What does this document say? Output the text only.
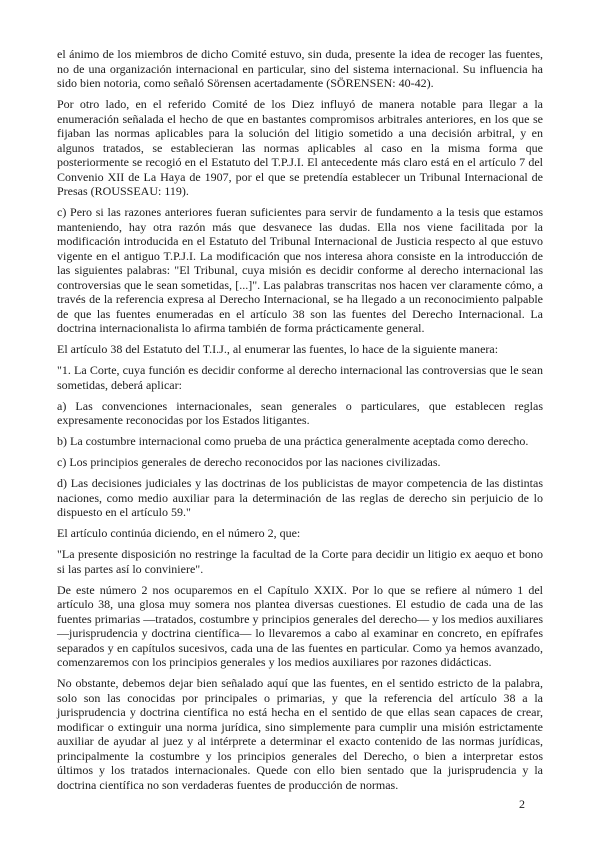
el ánimo de los miembros de dicho Comité estuvo, sin duda, presente la idea de recoger las fuentes, no de una organización internacional en particular, sino del sistema internacional. Su influencia ha sido bien notoria, como señaló Sörensen acertadamente (SÖRENSEN: 40-42).

Por otro lado, en el referido Comité de los Diez influyó de manera notable para llegar a la enumeración señalada el hecho de que en bastantes compromisos arbitrales anteriores, en los que se fijaban las normas aplicables para la solución del litigio sometido a una decisión arbitral, y en algunos tratados, se establecieran las normas aplicables al caso en la misma forma que posteriormente se recogió en el Estatuto del T.P.J.I. El antecedente más claro está en el artículo 7 del Convenio XII de La Haya de 1907, por el que se pretendía establecer un Tribunal Internacional de Presas (ROUSSEAU: 119).

c) Pero si las razones anteriores fueran suficientes para servir de fundamento a la tesis que estamos manteniendo, hay otra razón más que desvanece las dudas. Ella nos viene facilitada por la modificación introducida en el Estatuto del Tribunal Internacional de Justicia respecto al que estuvo vigente en el antiguo T.P.J.I. La modificación que nos interesa ahora consiste en la introducción de las siguientes palabras: "El Tribunal, cuya misión es decidir conforme al derecho internacional las controversias que le sean sometidas, [...]". Las palabras transcritas nos hacen ver claramente cómo, a través de la referencia expresa al Derecho Internacional, se ha llegado a un reconocimiento palpable de que las fuentes enumeradas en el artículo 38 son las fuentes del Derecho Internacional. La doctrina internacionalista lo afirma también de forma prácticamente general.

El artículo 38 del Estatuto del T.I.J., al enumerar las fuentes, lo hace de la siguiente manera:

"1. La Corte, cuya función es decidir conforme al derecho internacional las controversias que le sean sometidas, deberá aplicar:

a) Las convenciones internacionales, sean generales o particulares, que establecen reglas expresamente reconocidas por los Estados litigantes.

b) La costumbre internacional como prueba de una práctica generalmente aceptada como derecho.

c) Los principios generales de derecho reconocidos por las naciones civilizadas.

d) Las decisiones judiciales y las doctrinas de los publicistas de mayor competencia de las distintas naciones, como medio auxiliar para la determinación de las reglas de derecho sin perjuicio de lo dispuesto en el artículo 59."

El artículo continúa diciendo, en el número 2, que:

"La presente disposición no restringe la facultad de la Corte para decidir un litigio ex aequo et bono si las partes así lo conviniere".

De este número 2 nos ocuparemos en el Capítulo XXIX. Por lo que se refiere al número 1 del artículo 38, una glosa muy somera nos plantea diversas cuestiones. El estudio de cada una de las fuentes primarias —tratados, costumbre y principios generales del derecho— y los medios auxiliares —jurisprudencia y doctrina científica— lo llevaremos a cabo al examinar en concreto, en epífrafes separados y en capítulos sucesivos, cada una de las fuentes en particular. Como ya hemos avanzado, comenzaremos con los principios generales y los medios auxiliares por razones didácticas.

No obstante, debemos dejar bien señalado aquí que las fuentes, en el sentido estricto de la palabra, solo son las conocidas por principales o primarias, y que la referencia del artículo 38 a la jurisprudencia y doctrina científica no está hecha en el sentido de que ellas sean capaces de crear, modificar o extinguir una norma jurídica, sino simplemente para cumplir una misión estrictamente auxiliar de ayudar al juez y al intérprete a determinar el exacto contenido de las normas jurídicas, principalmente la costumbre y los principios generales del Derecho, o bien a interpretar estos últimos y los tratados internacionales. Quede con ello bien sentado que la jurisprudencia y la doctrina científica no son verdaderas fuentes de producción de normas.

2
